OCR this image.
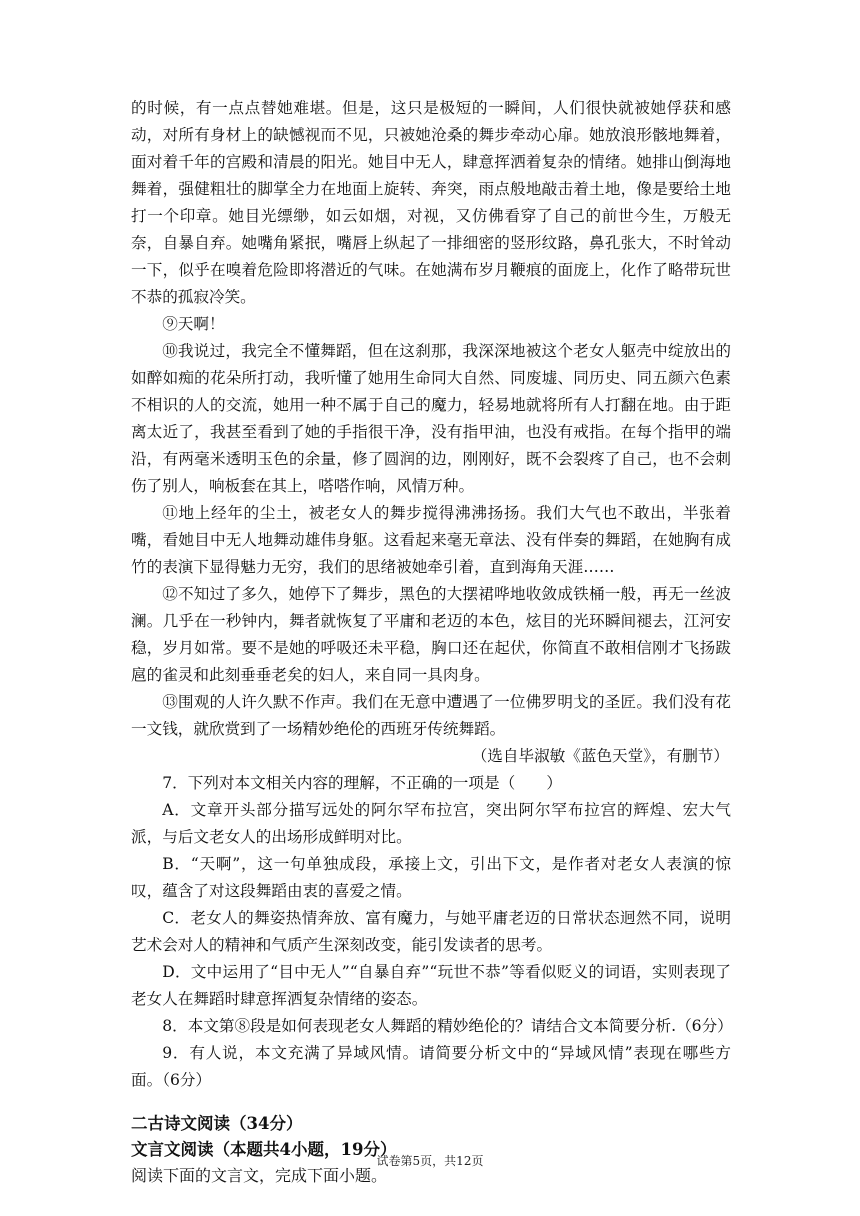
的时候，有一点点替她难堪。但是，这只是极短的一瞬间，人们很快就被她俘获和感动，对所有身材上的缺憾视而不见，只被她沧桑的舞步牵动心扉。她放浪形骸地舞着，面对着千年的宫殿和清晨的阳光。她目中无人，肆意挥洒着复杂的情绪。她排山倒海地舞着，强健粗壮的脚掌全力在地面上旋转、奔突，雨点般地敲击着土地，像是要给土地打一个印章。她目光缥缈，如云如烟，对视，又仿佛看穿了自己的前世今生，万般无奈，自暴自弃。她嘴角紧抿，嘴唇上纵起了一排细密的竖形纹路，鼻孔张大，不时耸动一下，似乎在嗅着危险即将潜近的气味。在她满布岁月鞭痕的面庞上，化作了略带玩世不恭的孤寂冷笑。

⑨天啊！

⑩我说过，我完全不懂舞蹈，但在这刹那，我深深地被这个老女人躯壳中绽放出的如醉如痴的花朵所打动，我听懂了她用生命同大自然、同废墟、同历史、同五颜六色素不相识的人的交流，她用一种不属于自己的魔力，轻易地就将所有人打翻在地。由于距离太近了，我甚至看到了她的手指很干净，没有指甲油，也没有戒指。在每个指甲的端沿，有两毫米透明玉色的余量，修了圆润的边，刚刚好，既不会裂疼了自己，也不会刺伤了别人，响板套在其上，嗒嗒作响，风情万种。

⑪地上经年的尘土，被老女人的舞步搅得沸沸扬扬。我们大气也不敢出，半张着嘴，看她目中无人地舞动雄伟身躯。这看起来毫无章法、没有伴奏的舞蹈，在她胸有成竹的表演下显得魅力无穷，我们的思绪被她牵引着，直到海角天涯……

⑫不知过了多久，她停下了舞步，黑色的大摆裙哗地收敛成铁桶一般，再无一丝波澜。几乎在一秒钟内，舞者就恢复了平庸和老迈的本色，炫目的光环瞬间褪去，江河安稳，岁月如常。要不是她的呼吸还未平稳，胸口还在起伏，你简直不敢相信刚才飞扬跋扈的雀灵和此刻垂垂老矣的妇人，来自同一具肉身。

⑬围观的人许久默不作声。我们在无意中遭遇了一位佛罗明戈的圣匠。我们没有花一文钱，就欣赏到了一场精妙绝伦的西班牙传统舞蹈。

（选自毕淑敏《蓝色天堂》，有删节）

7．下列对本文相关内容的理解，不正确的一项是（　　）

A．文章开头部分描写远处的阿尔罕布拉宫，突出阿尔罕布拉宫的辉煌、宏大气派，与后文老女人的出场形成鲜明对比。

B．“天啊”，这一句单独成段，承接上文，引出下文，是作者对老女人表演的惊叹，蕴含了对这段舞蹈由衷的喜爱之情。

C．老女人的舞姿热情奔放、富有魔力，与她平庸老迈的日常状态迥然不同，说明艺术会对人的精神和气质产生深刻改变，能引发读者的思考。

D．文中运用了“目中无人”“自暴自弃”“玩世不恭”等看似贬义的词语，实则表现了老女人在舞蹈时肆意挥洒复杂情绪的姿态。

8．本文第⑧段是如何表现老女人舞蹈的精妙绝伦的？请结合文本简要分析.（6分）

9．有人说，本文充满了异域风情。请简要分析文中的“异域风情”表现在哪些方面。（6分）

二古诗文阅读（34分）

文言文阅读（本题共4小题，19分）

阅读下面的文言文，完成下面小题。

试卷第5页，共12页
